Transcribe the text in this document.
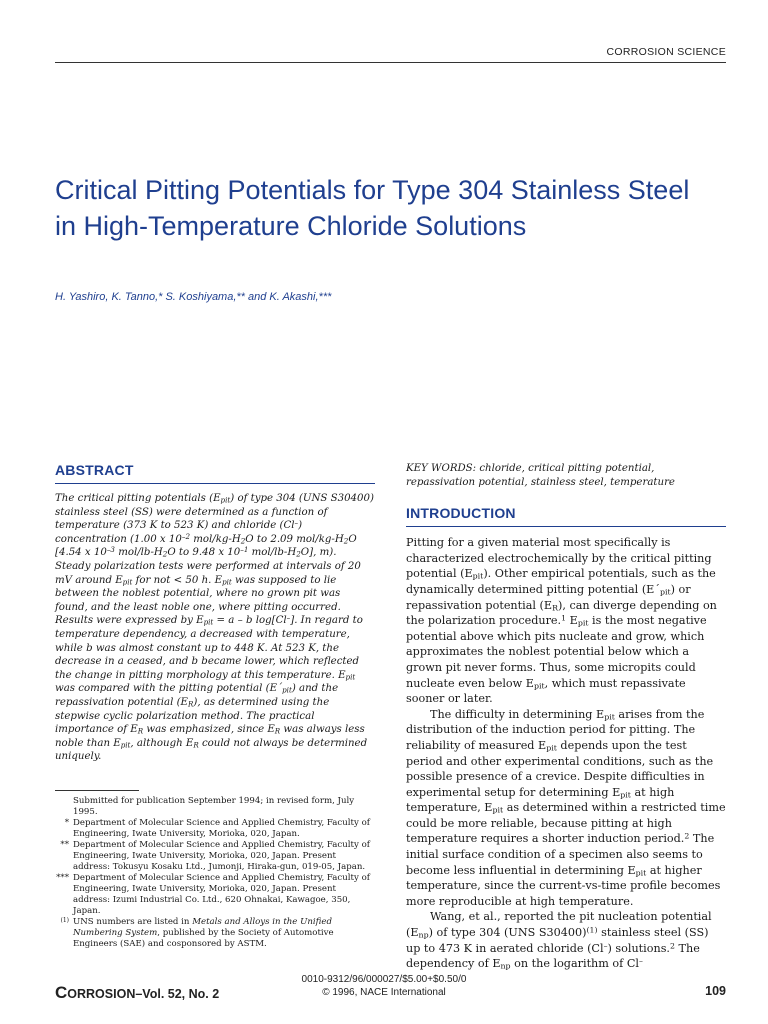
CORROSION SCIENCE
Critical Pitting Potentials for Type 304 Stainless Steel in High-Temperature Chloride Solutions
H. Yashiro, K. Tanno,* S. Koshiyama,** and K. Akashi,***
ABSTRACT

The critical pitting potentials $(E_{pit})$ of type 304 (UNS S30400) stainless steel (SS) were determined as a function of temperature (373 K to 523 K) and chloride (Cl–) concentration (1.00 x $10^{-2}$ mol/$kg-H_2O$ to 2.09 mol/$kg-H_2O$ [4.54 x $10^{-3}$ mol/$lb-H_2O$ to 9.48 x $10^{-1}$ mol/$lb-H_2O$], m). Steady polarization tests were performed at intervals of 20 mV around $E_{pit}$ for not < 50 h. $E_{pit}$ was supposed to lie between the noblest potential, where no grown pit was found, and the least noble one, where pitting occurred. Results were expressed by $E_{pit} = a - b$ log[Cl–]. In regard to temperature dependency, a decreased with temperature, while b was almost constant up to 448 K. At 523 K, the decrease in a ceased, and b became lower, which reflected the change in pitting morphology at this temperature. $E_{pit}$ was compared with the pitting potential $(E´_{pit})$ and the repassivation potential $(E_R)$, as determined using the stepwise cyclic polarization method. The practical importance of $E_R$ was emphasized, since $E_R$ was always less noble than $E_{pit}$, although $E_R$ could not always be determined uniquely.

KEY WORDS: chloride, critical pitting potential, repassivation potential, stainless steel, temperature

INTRODUCTION

Pitting for a given material most specifically is characterized electrochemically by the critical pitting potential $(E_{pit})$. Other empirical potentials, such as the dynamically determined pitting potential $(E´_{pit})$ or repassivation potential $(E_R)$, can diverge depending on the polarization procedure.$^1$ $E_{pit}$ is the most negative potential above which pits nucleate and grow, which approximates the noblest potential below which a grown pit never forms. Thus, some micropits could nucleate even below $E_{pit}$, which must repassivate sooner or later.

The difficulty in determining $E_{pit}$ arises from the distribution of the induction period for pitting. The reliability of measured $E_{pit}$ depends upon the test period and other experimental conditions, such as the possible presence of a crevice. Despite difficulties in experimental setup for determining $E_{pit}$ at high temperature, $E_{pit}$ as determined within a restricted time could be more reliable, because pitting at high temperature requires a shorter induction period.$^2$ The initial surface condition of a specimen also seems to become less influential in determining $E_{pit}$ at higher temperature, since the current-vs-time profile becomes more reproducible at high temperature.

Wang, et al., reported the pit nucleation potential $(E_{np})$ of type 304 (UNS S30400)$^{(1)}$ stainless steel (SS) up to 473 K in aerated chloride (Cl–) solutions.$^2$ The dependency of $E_{np}$ on the logarithm of Cl–

Submitted for publication September 1994; in revised form, July 1995.
* Department of Molecular Science and Applied Chemistry, Faculty of Engineering, Iwate University, Morioka, 020, Japan.
** Department of Molecular Science and Applied Chemistry, Faculty of Engineering, Iwate University, Morioka, 020, Japan. Present address: Tokusyu Kosaku Ltd., Jumonji, Hiraka-gun, 019-05, Japan.
*** Department of Molecular Science and Applied Chemistry, Faculty of Engineering, Iwate University, Morioka, 020, Japan. Present address: Izumi Industrial Co. Ltd., 620 Ohnakai, Kawagoe, 350, Japan.
(1) UNS numbers are listed in Metals and Alloys in the Unified Numbering System, published by the Society of Automotive Engineers (SAE) and cosponsored by ASTM.
0010-9312/96/000027/$5.00+$0.50/0
© 1996, NACE International
CORROSION–Vol. 52, No. 2	109
